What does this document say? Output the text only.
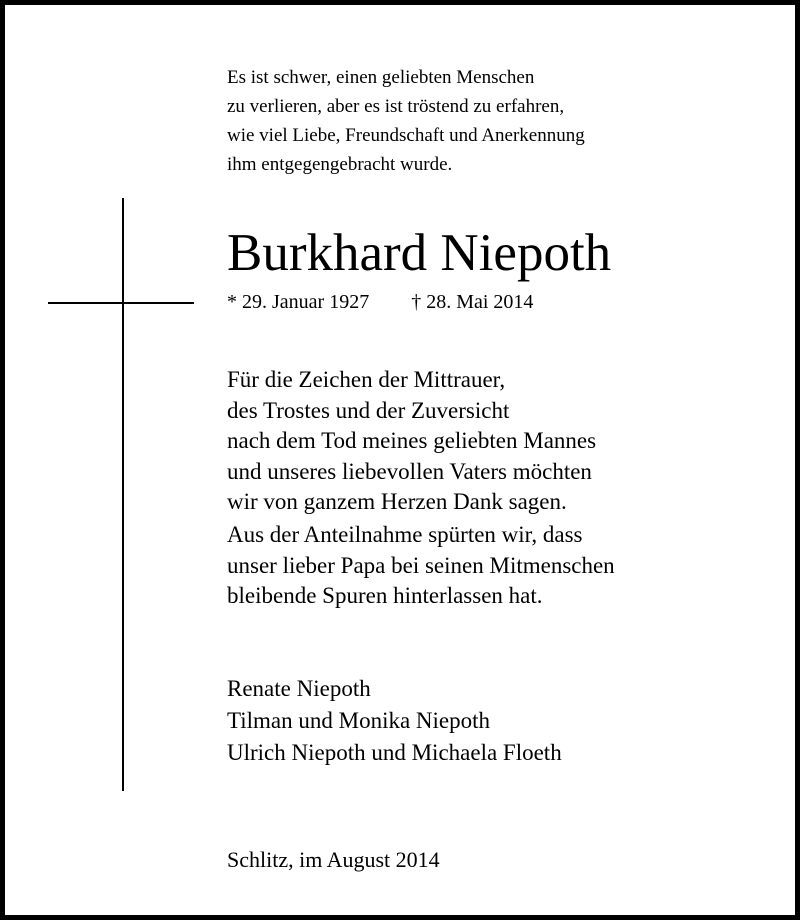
Es ist schwer, einen geliebten Menschen
zu verlieren, aber es ist tröstend zu erfahren,
wie viel Liebe, Freundschaft und Anerkennung
ihm entgegengebracht wurde.
Burkhard Niepoth
* 29. Januar 1927 † 28. Mai 2014
Für die Zeichen der Mittrauer,
des Trostes und der Zuversicht
nach dem Tod meines geliebten Mannes
und unseres liebevollen Vaters möchten
wir von ganzem Herzen Dank sagen.
Aus der Anteilnahme spürten wir, dass
unser lieber Papa bei seinen Mitmenschen
bleibende Spuren hinterlassen hat.
Renate Niepoth
Tilman und Monika Niepoth
Ulrich Niepoth und Michaela Floeth
Schlitz, im August 2014
